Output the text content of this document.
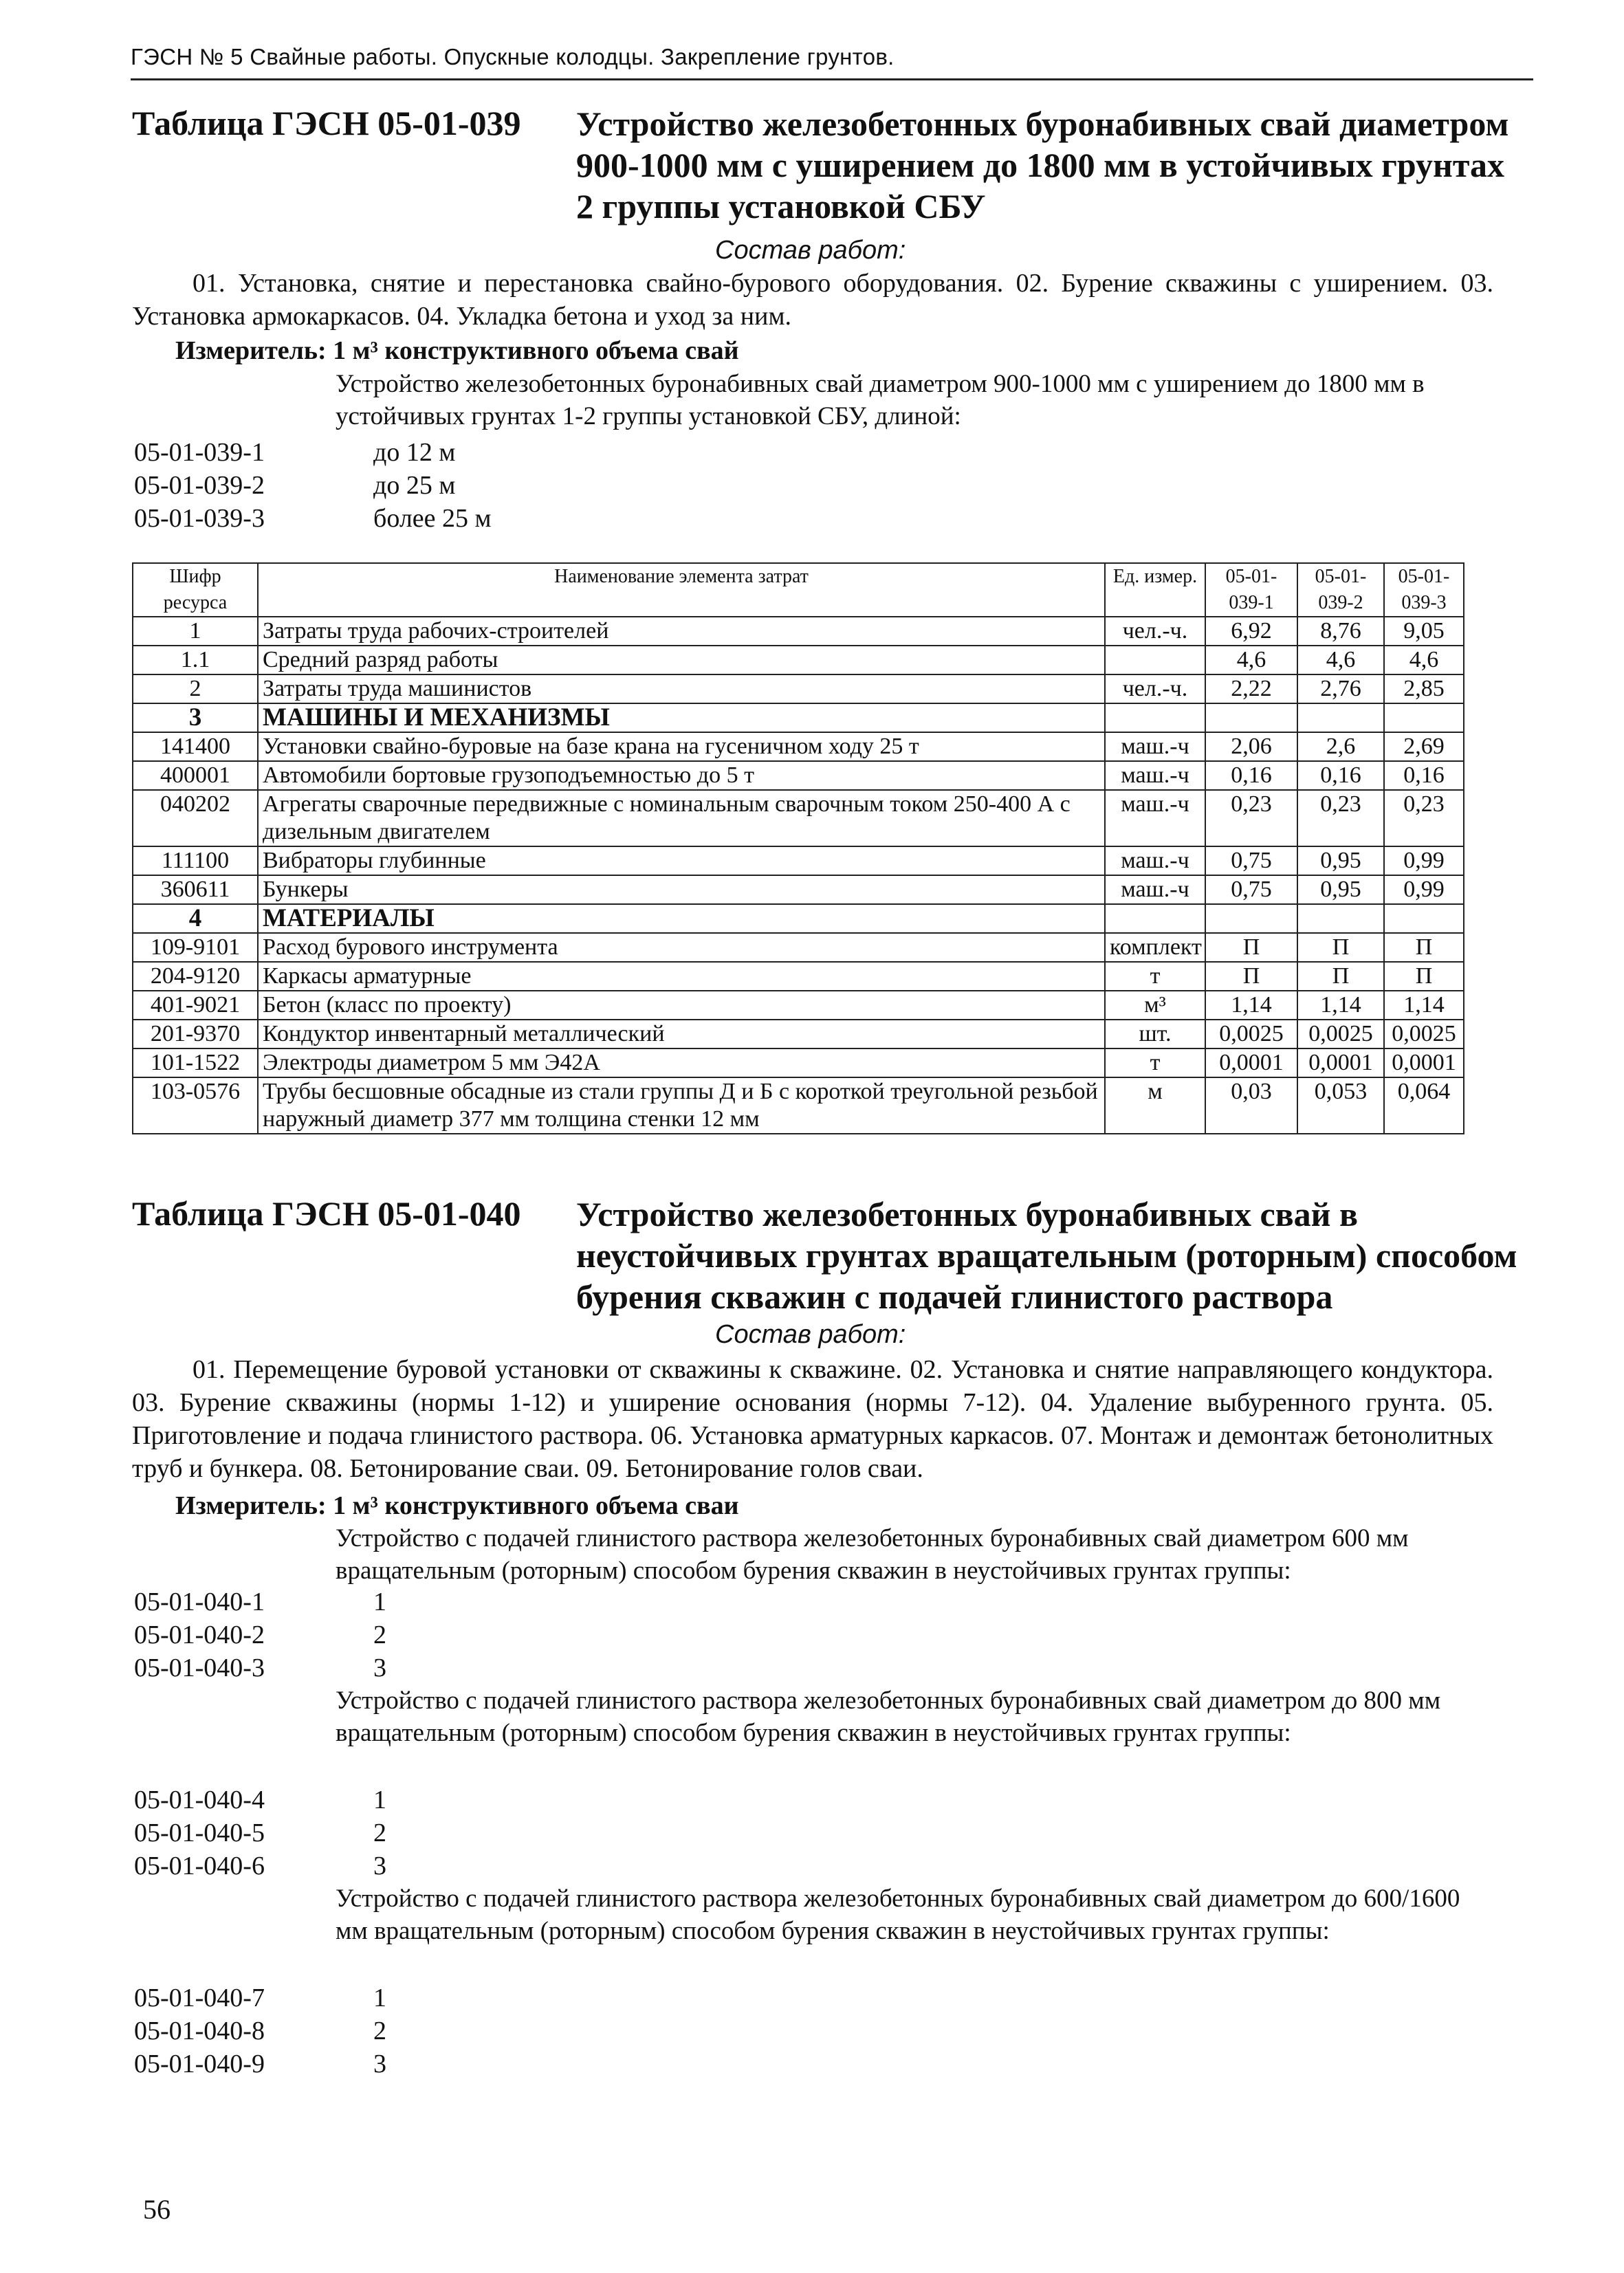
ГЭСН № 5 Свайные работы. Опускные колодцы. Закрепление грунтов.
Таблица ГЭСН 05-01-039 Устройство железобетонных буронабивных свай диаметром 900-1000 мм с уширением до 1800 мм в устойчивых грунтах 2 группы установкой СБУ
Состав работ:
01. Установка, снятие и перестановка свайно-бурового оборудования. 02. Бурение скважины с уширением. 03. Установка армокаркасов. 04. Укладка бетона и уход за ним.
Измеритель: 1 м³ конструктивного объема свай
Устройство железобетонных буронабивных свай диаметром 900-1000 мм с уширением до 1800 мм в устойчивых грунтах 1-2 группы установкой СБУ, длиной:
05-01-039-1	до 12 м
05-01-039-2	до 25 м
05-01-039-3	более 25 м
Шифр ресурса	Наименование элемента затрат	Ед. измер.	05-01-039-1	05-01-039-2	05-01-039-3
1	Затраты труда рабочих-строителей	чел.-ч.	6,92	8,76	9,05
1.1	Средний разряд работы		4,6	4,6	4,6
2	Затраты труда машинистов	чел.-ч.	2,22	2,76	2,85
3	МАШИНЫ И МЕХАНИЗМЫ				
141400	Установки свайно-буровые на базе крана на гусеничном ходу 25 т	маш.-ч	2,06	2,6	2,69
400001	Автомобили бортовые грузоподъемностью до 5 т	маш.-ч	0,16	0,16	0,16
040202	Агрегаты сварочные передвижные с номинальным сварочным током 250-400 А с дизельным двигателем	маш.-ч	0,23	0,23	0,23
111100	Вибраторы глубинные	маш.-ч	0,75	0,95	0,99
360611	Бункеры	маш.-ч	0,75	0,95	0,99
4	МАТЕРИАЛЫ				
109-9101	Расход бурового инструмента	комплект	П	П	П
204-9120	Каркасы арматурные	т	П	П	П
401-9021	Бетон (класс по проекту)	м³	1,14	1,14	1,14
201-9370	Кондуктор инвентарный металлический	шт.	0,0025	0,0025	0,0025
101-1522	Электроды диаметром 5 мм Э42А	т	0,0001	0,0001	0,0001
103-0576	Трубы бесшовные обсадные из стали группы Д и Б с короткой треугольной резьбой наружный диаметр 377 мм толщина стенки 12 мм	м	0,03	0,053	0,064
Таблица ГЭСН 05-01-040 Устройство железобетонных буронабивных свай в неустойчивых грунтах вращательным (роторным) способом бурения скважин с подачей глинистого раствора
Состав работ:
01. Перемещение буровой установки от скважины к скважине. 02. Установка и снятие направляющего кондуктора. 03. Бурение скважины (нормы 1-12) и уширение основания (нормы 7-12). 04. Удаление выбуренного грунта. 05. Приготовление и подача глинистого раствора. 06. Установка арматурных каркасов. 07. Монтаж и демонтаж бетонолитных труб и бункера. 08. Бетонирование сваи. 09. Бетонирование голов сваи.
Измеритель: 1 м³ конструктивного объема сваи
Устройство с подачей глинистого раствора железобетонных буронабивных свай диаметром 600 мм вращательным (роторным) способом бурения скважин в неустойчивых грунтах группы:
05-01-040-1	1
05-01-040-2	2
05-01-040-3	3
Устройство с подачей глинистого раствора железобетонных буронабивных свай диаметром до 800 мм вращательным (роторным) способом бурения скважин в неустойчивых грунтах группы:
05-01-040-4	1
05-01-040-5	2
05-01-040-6	3
Устройство с подачей глинистого раствора железобетонных буронабивных свай диаметром до 600/1600 мм вращательным (роторным) способом бурения скважин в неустойчивых грунтах группы:
05-01-040-7	1
05-01-040-8	2
05-01-040-9	3
56
